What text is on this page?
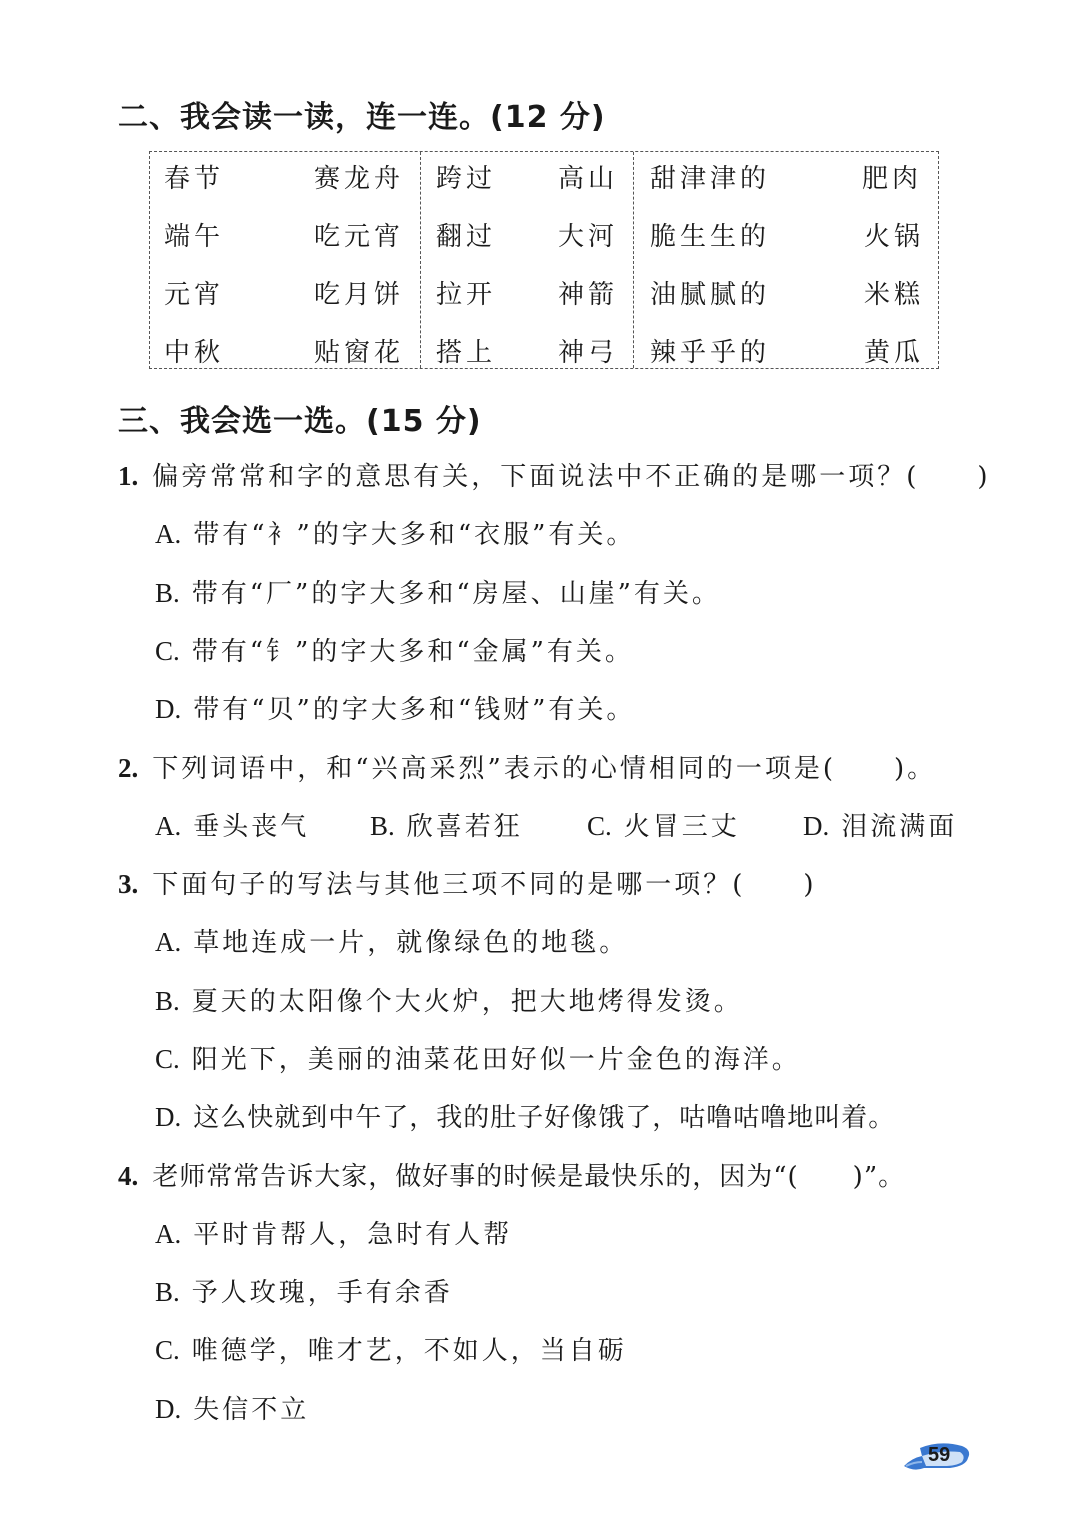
二、我会读一读，连一连。(12 分)
春节
端午
元宵
中秋
赛龙舟
吃元宵
吃月饼
贴窗花
跨过
翻过
拉开
搭上
高山
大河
神箭
神弓
甜津津的
脆生生的
油腻腻的
辣乎乎的
肥肉
火锅
米糕
黄瓜
三、我会选一选。(15 分)
1. 偏旁常常和字的意思有关，下面说法中不正确的是哪一项？(　　)
A. 带有“衤”的字大多和“衣服”有关。
B. 带有“厂”的字大多和“房屋、山崖”有关。
C. 带有“钅”的字大多和“金属”有关。
D. 带有“贝”的字大多和“钱财”有关。
2. 下列词语中，和“兴高采烈”表示的心情相同的一项是(　　)。
A. 垂头丧气 B. 欣喜若狂 C. 火冒三丈 D. 泪流满面
3. 下面句子的写法与其他三项不同的是哪一项？(　　)
A. 草地连成一片，就像绿色的地毯。
B. 夏天的太阳像个大火炉，把大地烤得发烫。
C. 阳光下，美丽的油菜花田好似一片金色的海洋。
D. 这么快就到中午了，我的肚子好像饿了，咕噜咕噜地叫着。
4. 老师常常告诉大家，做好事的时候是最快乐的，因为“(　　)”。
A. 平时肯帮人，急时有人帮
B. 予人玫瑰，手有余香
C. 唯德学，唯才艺，不如人，当自砺
D. 失信不立
59
